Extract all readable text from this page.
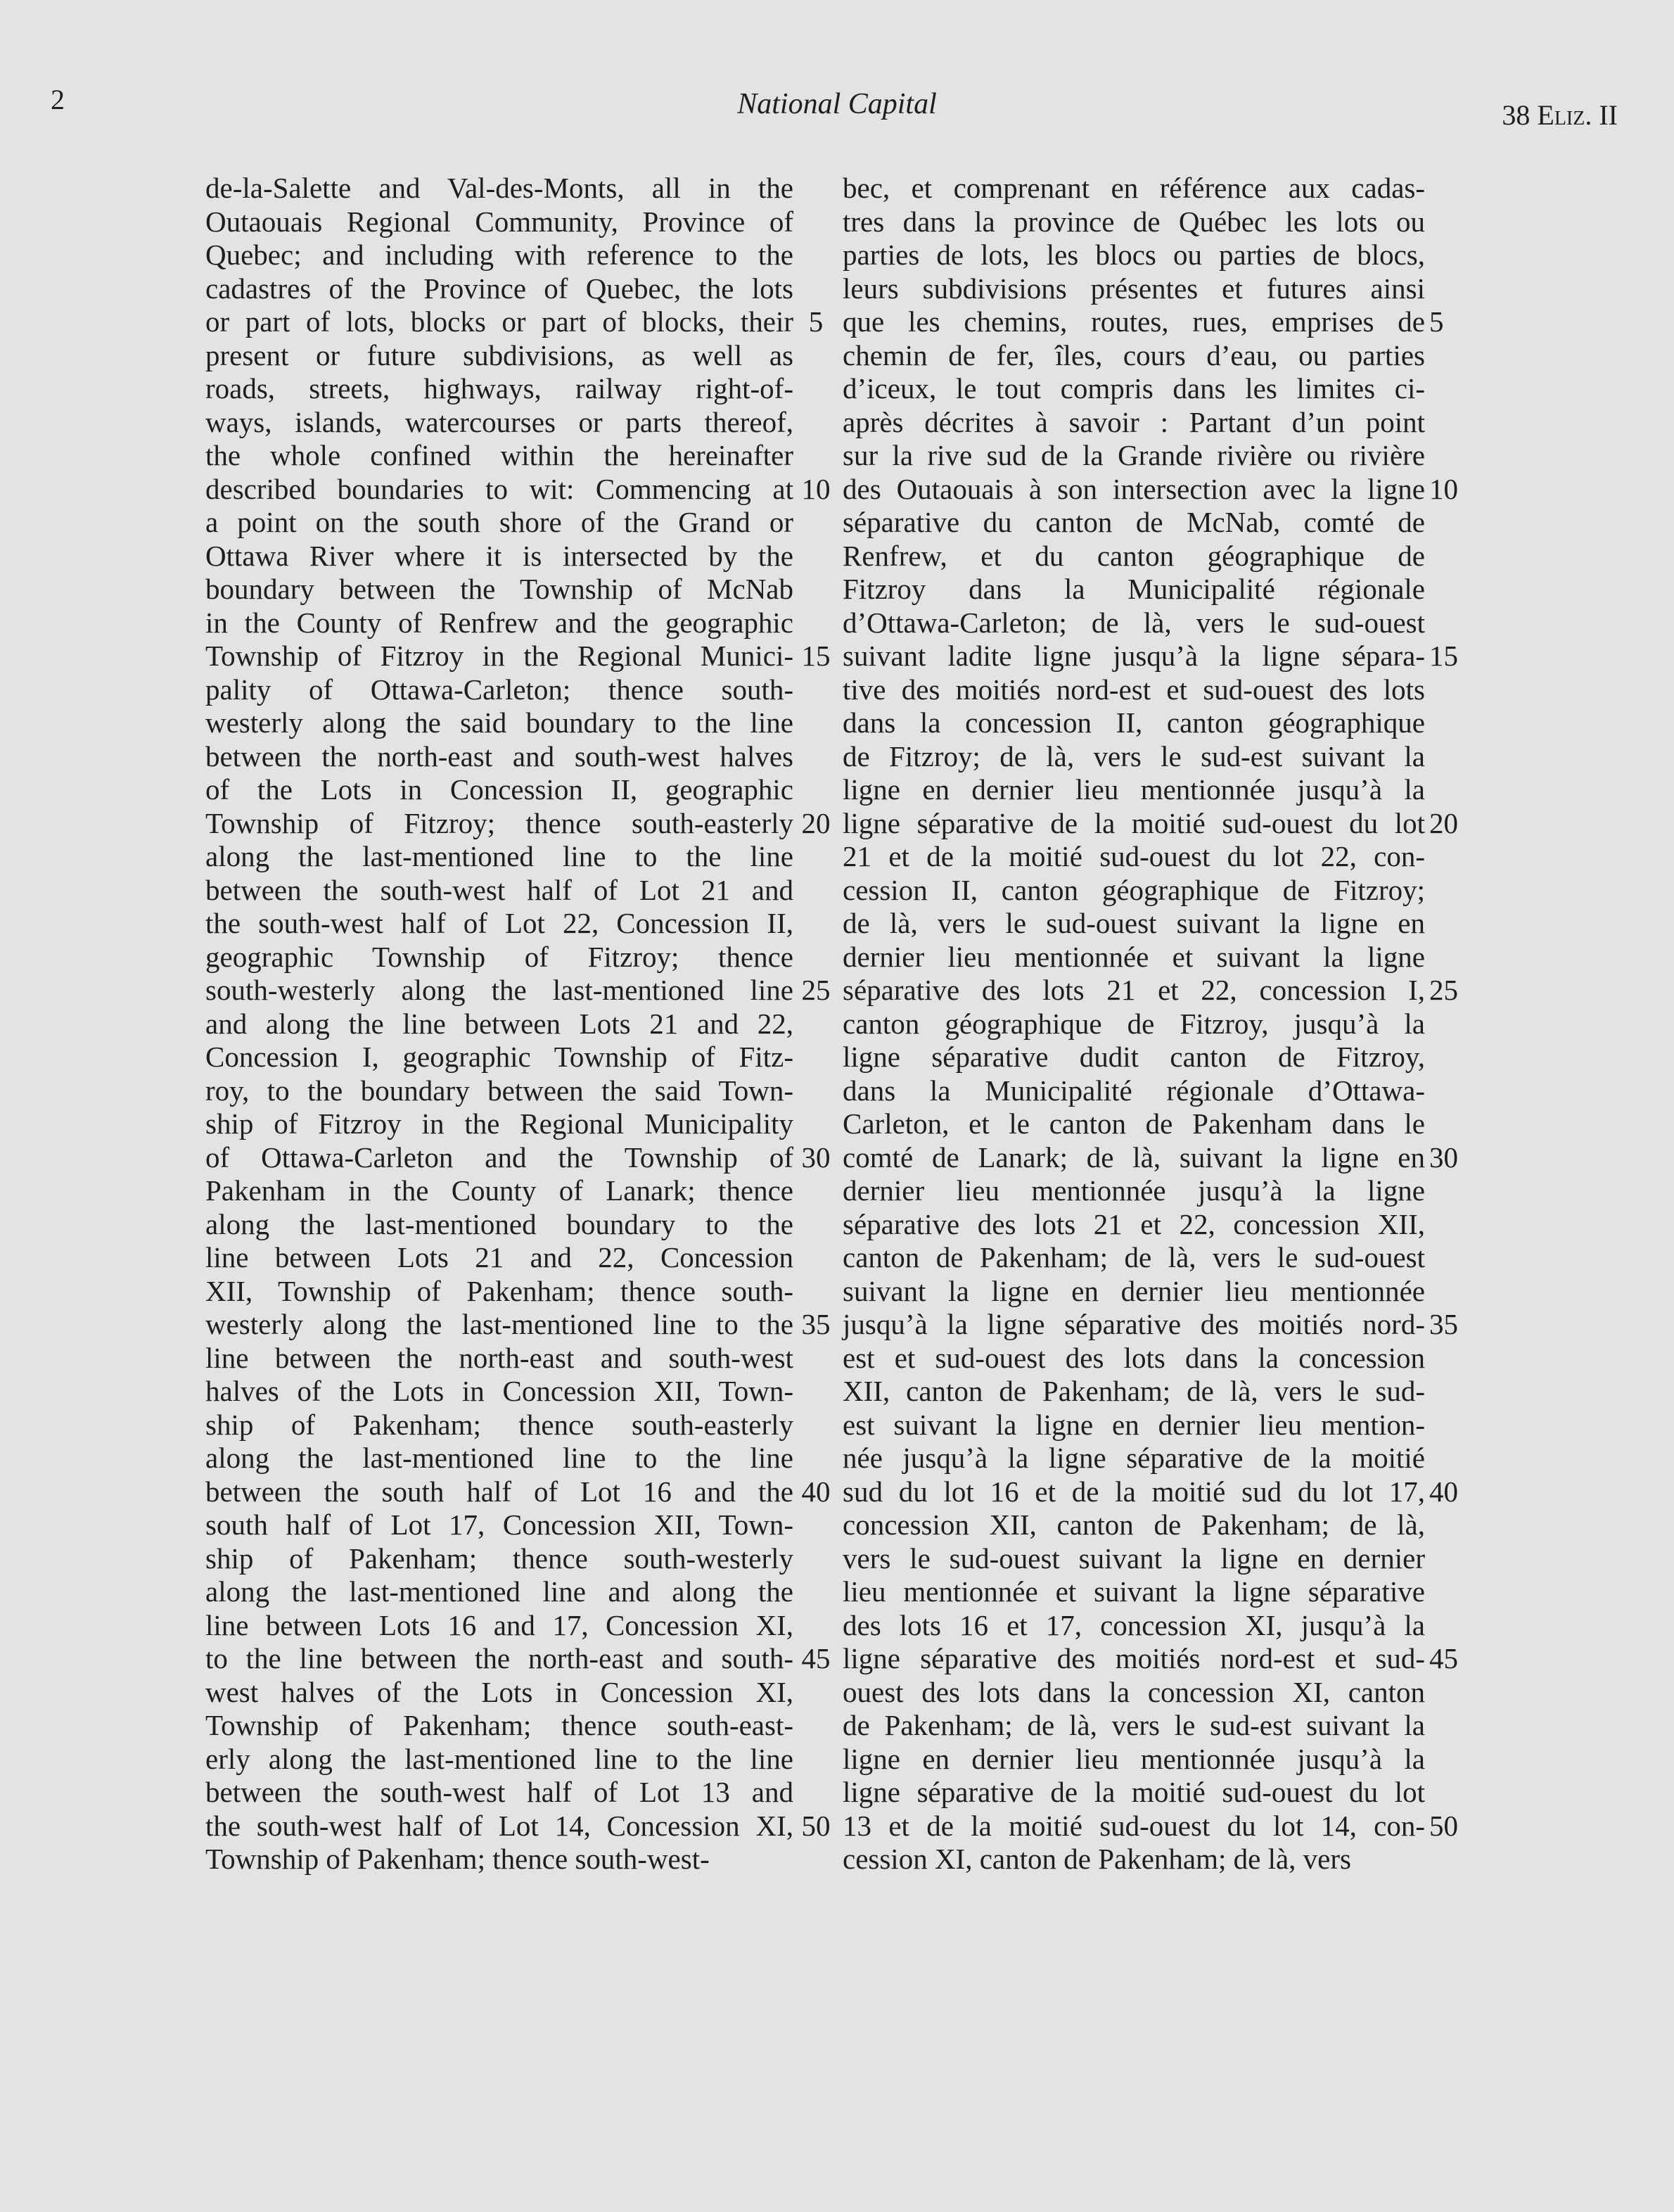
2	National Capital	38 Eliz. II
de-la-Salette and Val-des-Monts, all in the
Outaouais Regional Community, Province of
Quebec; and including with reference to the
cadastres of the Province of Quebec, the lots
or part of lots, blocks or part of blocks, their
present or future subdivisions, as well as
roads, streets, highways, railway right-of-
ways, islands, watercourses or parts thereof,
the whole confined within the hereinafter
described boundaries to wit: Commencing at
a point on the south shore of the Grand or
Ottawa River where it is intersected by the
boundary between the Township of McNab
in the County of Renfrew and the geographic
Township of Fitzroy in the Regional Munici-
pality of Ottawa-Carleton; thence south-
westerly along the said boundary to the line
between the north-east and south-west halves
of the Lots in Concession II, geographic
Township of Fitzroy; thence south-easterly
along the last-mentioned line to the line
between the south-west half of Lot 21 and
the south-west half of Lot 22, Concession II,
geographic Township of Fitzroy; thence
south-westerly along the last-mentioned line
and along the line between Lots 21 and 22,
Concession I, geographic Township of Fitz-
roy, to the boundary between the said Town-
ship of Fitzroy in the Regional Municipality
of Ottawa-Carleton and the Township of
Pakenham in the County of Lanark; thence
along the last-mentioned boundary to the
line between Lots 21 and 22, Concession
XII, Township of Pakenham; thence south-
westerly along the last-mentioned line to the
line between the north-east and south-west
halves of the Lots in Concession XII, Town-
ship of Pakenham; thence south-easterly
along the last-mentioned line to the line
between the south half of Lot 16 and the
south half of Lot 17, Concession XII, Town-
ship of Pakenham; thence south-westerly
along the last-mentioned line and along the
line between Lots 16 and 17, Concession XI,
to the line between the north-east and south-
west halves of the Lots in Concession XI,
Township of Pakenham; thence south-east-
erly along the last-mentioned line to the line
between the south-west half of Lot 13 and
the south-west half of Lot 14, Concession XI,
Township of Pakenham; thence south-west-
bec, et comprenant en référence aux cadas-
tres dans la province de Québec les lots ou
parties de lots, les blocs ou parties de blocs,
leurs subdivisions présentes et futures ainsi
que les chemins, routes, rues, emprises de
chemin de fer, îles, cours d’eau, ou parties
d’iceux, le tout compris dans les limites ci-
après décrites à savoir : Partant d’un point
sur la rive sud de la Grande rivière ou rivière
des Outaouais à son intersection avec la ligne
séparative du canton de McNab, comté de
Renfrew, et du canton géographique de
Fitzroy dans la Municipalité régionale
d’Ottawa-Carleton; de là, vers le sud-ouest
suivant ladite ligne jusqu’à la ligne sépara-
tive des moitiés nord-est et sud-ouest des lots
dans la concession II, canton géographique
de Fitzroy; de là, vers le sud-est suivant la
ligne en dernier lieu mentionnée jusqu’à la
ligne séparative de la moitié sud-ouest du lot
21 et de la moitié sud-ouest du lot 22, con-
cession II, canton géographique de Fitzroy;
de là, vers le sud-ouest suivant la ligne en
dernier lieu mentionnée et suivant la ligne
séparative des lots 21 et 22, concession I,
canton géographique de Fitzroy, jusqu’à la
ligne séparative dudit canton de Fitzroy,
dans la Municipalité régionale d’Ottawa-
Carleton, et le canton de Pakenham dans le
comté de Lanark; de là, suivant la ligne en
dernier lieu mentionnée jusqu’à la ligne
séparative des lots 21 et 22, concession XII,
canton de Pakenham; de là, vers le sud-ouest
suivant la ligne en dernier lieu mentionnée
jusqu’à la ligne séparative des moitiés nord-
est et sud-ouest des lots dans la concession
XII, canton de Pakenham; de là, vers le sud-
est suivant la ligne en dernier lieu mention-
née jusqu’à la ligne séparative de la moitié
sud du lot 16 et de la moitié sud du lot 17,
concession XII, canton de Pakenham; de là,
vers le sud-ouest suivant la ligne en dernier
lieu mentionnée et suivant la ligne séparative
des lots 16 et 17, concession XI, jusqu’à la
ligne séparative des moitiés nord-est et sud-
ouest des lots dans la concession XI, canton
de Pakenham; de là, vers le sud-est suivant la
ligne en dernier lieu mentionnée jusqu’à la
ligne séparative de la moitié sud-ouest du lot
13 et de la moitié sud-ouest du lot 14, con-
cession XI, canton de Pakenham; de là, vers
5	5
10	10
15	15
20	20
25	25
30	30
35	35
40	40
45	45
50	50
